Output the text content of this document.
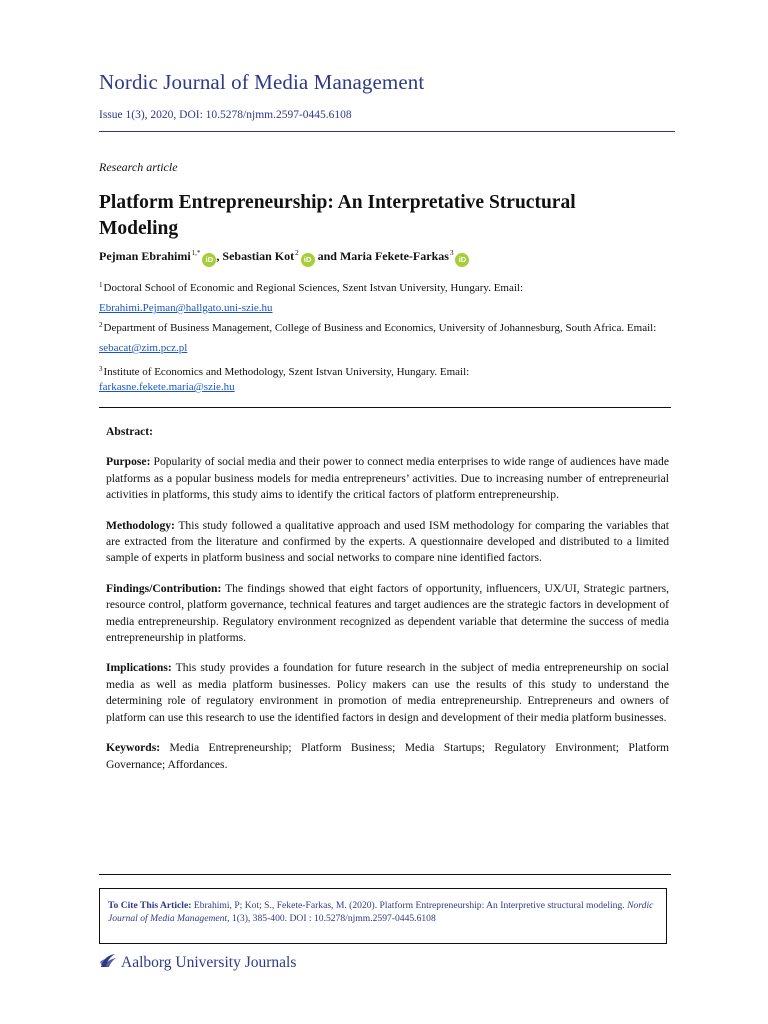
Nordic Journal of Media Management
Issue 1(3), 2020, DOI: 10.5278/njmm.2597-0445.6108
Research article
Platform Entrepreneurship: An Interpretative Structural Modeling
Pejman Ebrahimi$^{1,*}$iD , Sebastian Kot$^2$iD and Maria Fekete-Farkas$^3$iD
$^1$Doctoral School of Economic and Regional Sciences, Szent Istvan University, Hungary. Email:
Ebrahimi.Pejman@hallgato.uni-szie.hu
$^2$Department of Business Management, College of Business and Economics, University of Johannesburg, South Africa. Email: sebacat@zim.pcz.pl
$^3$Institute of Economics and Methodology, Szent Istvan University, Hungary. Email:
farkasne.fekete.maria@szie.hu
Abstract:

Purpose: Popularity of social media and their power to connect media enterprises to wide range of audiences have made platforms as a popular business models for media entrepreneurs’ activities. Due to increasing number of entrepreneurial activities in platforms, this study aims to identify the critical factors of platform entrepreneurship.

Methodology: This study followed a qualitative approach and used ISM methodology for comparing the variables that are extracted from the literature and confirmed by the experts. A questionnaire developed and distributed to a limited sample of experts in platform business and social networks to compare nine identified factors.

Findings/Contribution: The findings showed that eight factors of opportunity, influencers, UX/UI, Strategic partners, resource control, platform governance, technical features and target audiences are the strategic factors in development of media entrepreneurship. Regulatory environment recognized as dependent variable that determine the success of media entrepreneurship in platforms.

Implications: This study provides a foundation for future research in the subject of media entrepreneurship on social media as well as media platform businesses. Policy makers can use the results of this study to understand the determining role of regulatory environment in promotion of media entrepreneurship. Entrepreneurs and owners of platform can use this research to use the identified factors in design and development of their media platform businesses.

Keywords: Media Entrepreneurship; Platform Business; Media Startups; Regulatory Environment; Platform Governance; Affordances.

To Cite This Article: Ebrahimi, P; Kot; S., Fekete-Farkas, M. (2020). Platform Entrepreneurship: An Interpretive structural modeling. Nordic Journal of Media Management, 1(3), 385-400. DOI : 10.5278/njmm.2597-0445.6108
Aalborg University Journals
